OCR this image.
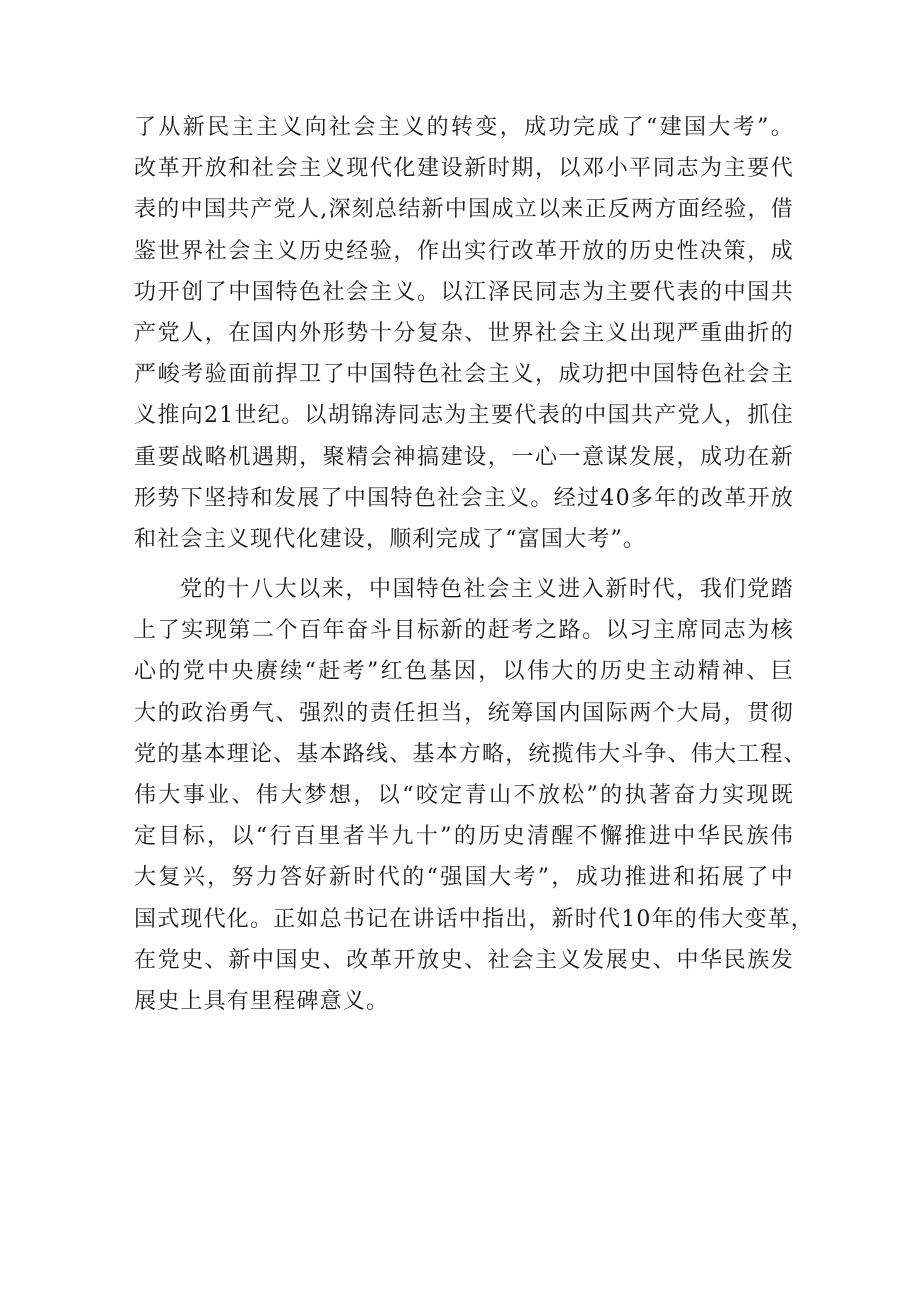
了从新民主主义向社会主义的转变，成功完成了“建国大考”。
改革开放和社会主义现代化建设新时期，以邓小平同志为主要代
表的中国共产党人,深刻总结新中国成立以来正反两方面经验，借
鉴世界社会主义历史经验，作出实行改革开放的历史性决策，成
功开创了中国特色社会主义。以江泽民同志为主要代表的中国共
产党人，在国内外形势十分复杂、世界社会主义出现严重曲折的
严峻考验面前捍卫了中国特色社会主义，成功把中国特色社会主
义推向21世纪。以胡锦涛同志为主要代表的中国共产党人，抓住
重要战略机遇期，聚精会神搞建设，一心一意谋发展，成功在新
形势下坚持和发展了中国特色社会主义。经过40多年的改革开放
和社会主义现代化建设，顺利完成了“富国大考”。
党的十八大以来，中国特色社会主义进入新时代，我们党踏
上了实现第二个百年奋斗目标新的赶考之路。以习主席同志为核
心的党中央赓续“赶考”红色基因，以伟大的历史主动精神、巨
大的政治勇气、强烈的责任担当，统筹国内国际两个大局，贯彻
党的基本理论、基本路线、基本方略，统揽伟大斗争、伟大工程、
伟大事业、伟大梦想，以“咬定青山不放松”的执著奋力实现既
定目标，以“行百里者半九十”的历史清醒不懈推进中华民族伟
大复兴，努力答好新时代的“强国大考”，成功推进和拓展了中
国式现代化。正如总书记在讲话中指出，新时代10年的伟大变革，
在党史、新中国史、改革开放史、社会主义发展史、中华民族发
展史上具有里程碑意义。
